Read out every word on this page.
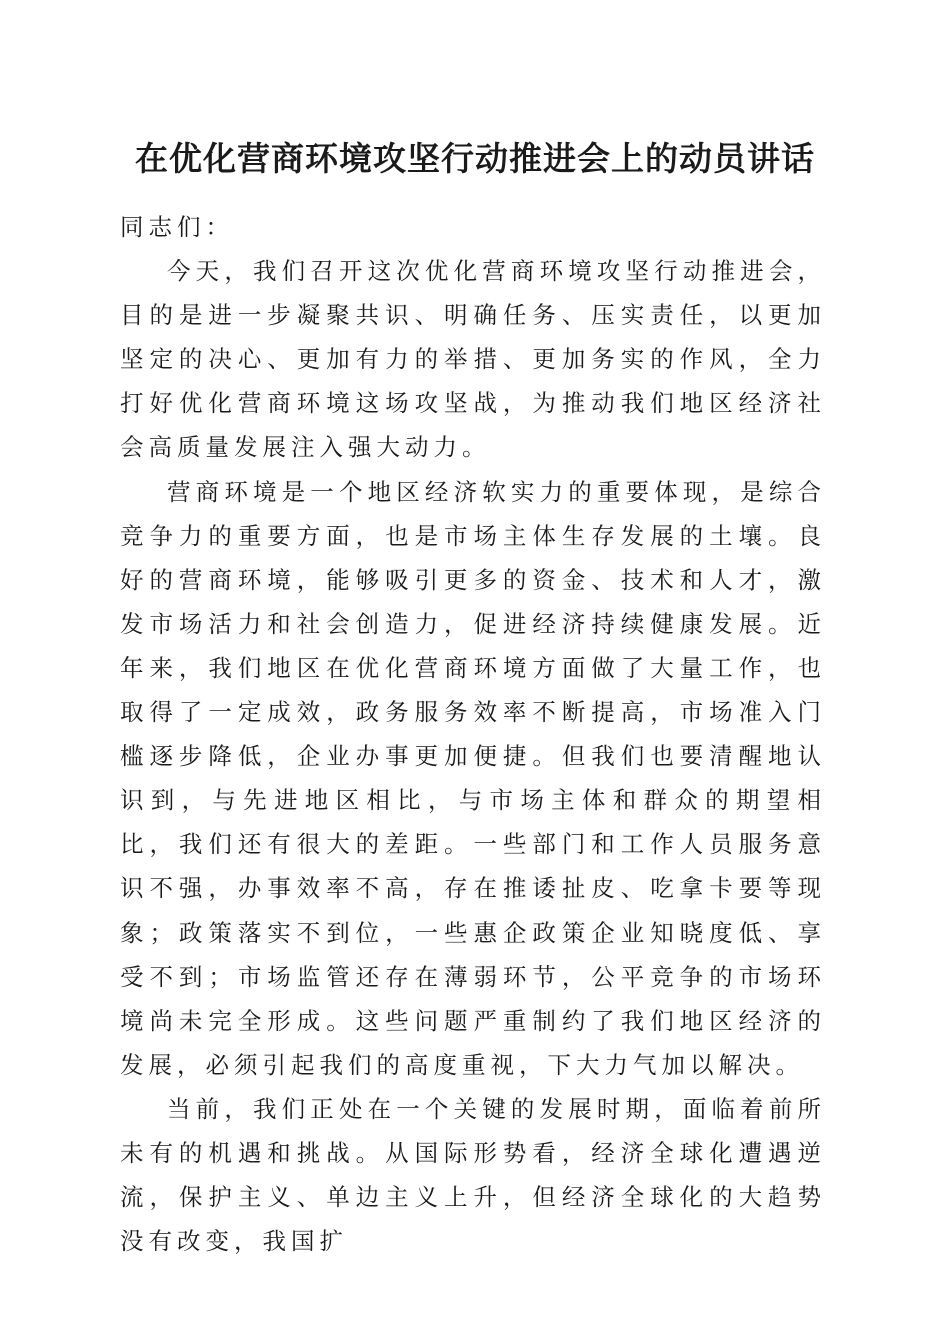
在优化营商环境攻坚行动推进会上的动员讲话

同志们：

今天，我们召开这次优化营商环境攻坚行动推进会，目的是进一步凝聚共识、明确任务、压实责任，以更加坚定的决心、更加有力的举措、更加务实的作风，全力打好优化营商环境这场攻坚战，为推动我们地区经济社会高质量发展注入强大动力。

营商环境是一个地区经济软实力的重要体现，是综合竞争力的重要方面，也是市场主体生存发展的土壤。良好的营商环境，能够吸引更多的资金、技术和人才，激发市场活力和社会创造力，促进经济持续健康发展。近年来，我们地区在优化营商环境方面做了大量工作，也取得了一定成效，政务服务效率不断提高，市场准入门槛逐步降低，企业办事更加便捷。但我们也要清醒地认识到，与先进地区相比，与市场主体和群众的期望相比，我们还有很大的差距。一些部门和工作人员服务意识不强，办事效率不高，存在推诿扯皮、吃拿卡要等现象；政策落实不到位，一些惠企政策企业知晓度低、享受不到；市场监管还存在薄弱环节，公平竞争的市场环境尚未完全形成。这些问题严重制约了我们地区经济的发展，必须引起我们的高度重视，下大力气加以解决。

当前，我们正处在一个关键的发展时期，面临着前所未有的机遇和挑战。从国际形势看，经济全球化遭遇逆流，保护主义、单边主义上升，但经济全球化的大趋势没有改变，我国扩
